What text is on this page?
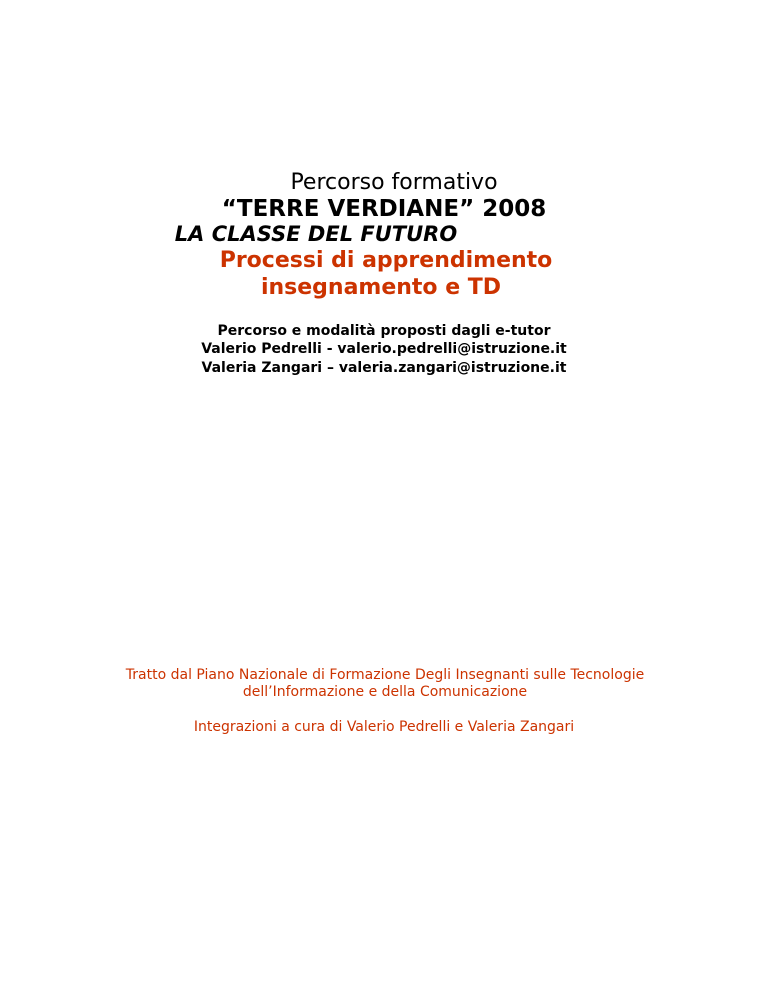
Percorso formativo
“TERRE VERDIANE” 2008
LA CLASSE DEL FUTURO
Processi di apprendimento
insegnamento e TD
Percorso e modalità proposti dagli e-tutor
Valerio Pedrelli - valerio.pedrelli@istruzione.it
Valeria Zangari – valeria.zangari@istruzione.it
Tratto dal Piano Nazionale di Formazione Degli Insegnanti sulle Tecnologie
dell’Informazione e della Comunicazione
Integrazioni a cura di Valerio Pedrelli e Valeria Zangari
